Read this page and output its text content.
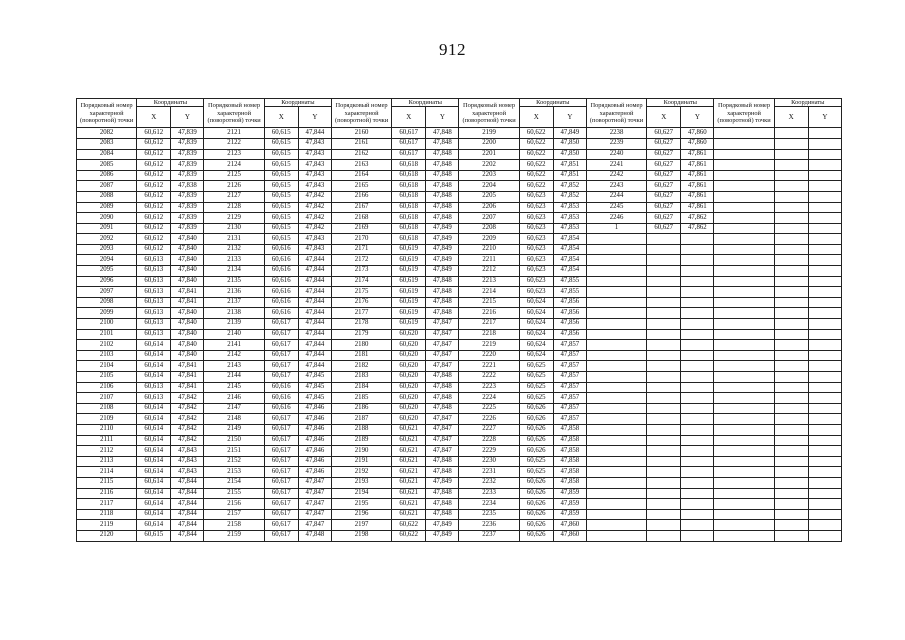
912
Порядковый номер характерной (поворотной) точки	Координаты		Порядковый номер характерной (поворотной) точки	Координаты		Порядковый номер характерной (поворотной) точки	Координаты		Порядковый номер характерной (поворотной) точки	Координаты		Порядковый номер характерной (поворотной) точки	Координаты		Порядковый номер характерной (поворотной) точки	Координаты	
	X	Y		X	Y		X	Y		X	Y		X	Y		X	Y
2082	60,612	47,839	2121	60,615	47,844	2160	60,617	47,848	2199	60,622	47,849	2238	60,627	47,860			
2083	60,612	47,839	2122	60,615	47,843	2161	60,617	47,848	2200	60,622	47,850	2239	60,627	47,860			
2084	60,612	47,839	2123	60,615	47,843	2162	60,617	47,848	2201	60,622	47,850	2240	60,627	47,861			
2085	60,612	47,839	2124	60,615	47,843	2163	60,618	47,848	2202	60,622	47,851	2241	60,627	47,861			
2086	60,612	47,839	2125	60,615	47,843	2164	60,618	47,848	2203	60,622	47,851	2242	60,627	47,861			
2087	60,612	47,838	2126	60,615	47,843	2165	60,618	47,848	2204	60,622	47,852	2243	60,627	47,861			
2088	60,612	47,839	2127	60,615	47,842	2166	60,618	47,848	2205	60,623	47,852	2244	60,627	47,861			
2089	60,612	47,839	2128	60,615	47,842	2167	60,618	47,848	2206	60,623	47,853	2245	60,627	47,861			
2090	60,612	47,839	2129	60,615	47,842	2168	60,618	47,848	2207	60,623	47,853	2246	60,627	47,862			
2091	60,612	47,839	2130	60,615	47,842	2169	60,618	47,849	2208	60,623	47,853	1	60,627	47,862			
2092	60,612	47,840	2131	60,615	47,843	2170	60,618	47,849	2209	60,623	47,854						
2093	60,612	47,840	2132	60,616	47,843	2171	60,619	47,849	2210	60,623	47,854						
2094	60,613	47,840	2133	60,616	47,844	2172	60,619	47,849	2211	60,623	47,854						
2095	60,613	47,840	2134	60,616	47,844	2173	60,619	47,849	2212	60,623	47,854						
2096	60,613	47,840	2135	60,616	47,844	2174	60,619	47,848	2213	60,623	47,855						
2097	60,613	47,841	2136	60,616	47,844	2175	60,619	47,848	2214	60,623	47,855						
2098	60,613	47,841	2137	60,616	47,844	2176	60,619	47,848	2215	60,624	47,856						
2099	60,613	47,840	2138	60,616	47,844	2177	60,619	47,848	2216	60,624	47,856						
2100	60,613	47,840	2139	60,617	47,844	2178	60,619	47,847	2217	60,624	47,856						
2101	60,613	47,840	2140	60,617	47,844	2179	60,620	47,847	2218	60,624	47,856						
2102	60,614	47,840	2141	60,617	47,844	2180	60,620	47,847	2219	60,624	47,857						
2103	60,614	47,840	2142	60,617	47,844	2181	60,620	47,847	2220	60,624	47,857						
2104	60,614	47,841	2143	60,617	47,844	2182	60,620	47,847	2221	60,625	47,857						
2105	60,614	47,841	2144	60,617	47,845	2183	60,620	47,848	2222	60,625	47,857						
2106	60,613	47,841	2145	60,616	47,845	2184	60,620	47,848	2223	60,625	47,857						
2107	60,613	47,842	2146	60,616	47,845	2185	60,620	47,848	2224	60,625	47,857						
2108	60,614	47,842	2147	60,616	47,846	2186	60,620	47,848	2225	60,626	47,857						
2109	60,614	47,842	2148	60,617	47,846	2187	60,620	47,847	2226	60,626	47,857						
2110	60,614	47,842	2149	60,617	47,846	2188	60,621	47,847	2227	60,626	47,858						
2111	60,614	47,842	2150	60,617	47,846	2189	60,621	47,847	2228	60,626	47,858						
2112	60,614	47,843	2151	60,617	47,846	2190	60,621	47,847	2229	60,626	47,858						
2113	60,614	47,843	2152	60,617	47,846	2191	60,621	47,848	2230	60,625	47,858						
2114	60,614	47,843	2153	60,617	47,846	2192	60,621	47,848	2231	60,625	47,858						
2115	60,614	47,844	2154	60,617	47,847	2193	60,621	47,849	2232	60,626	47,858						
2116	60,614	47,844	2155	60,617	47,847	2194	60,621	47,848	2233	60,626	47,859						
2117	60,614	47,844	2156	60,617	47,847	2195	60,621	47,848	2234	60,626	47,859						
2118	60,614	47,844	2157	60,617	47,847	2196	60,621	47,848	2235	60,626	47,859						
2119	60,614	47,844	2158	60,617	47,847	2197	60,622	47,849	2236	60,626	47,860						
2120	60,615	47,844	2159	60,617	47,848	2198	60,622	47,849	2237	60,626	47,860						
